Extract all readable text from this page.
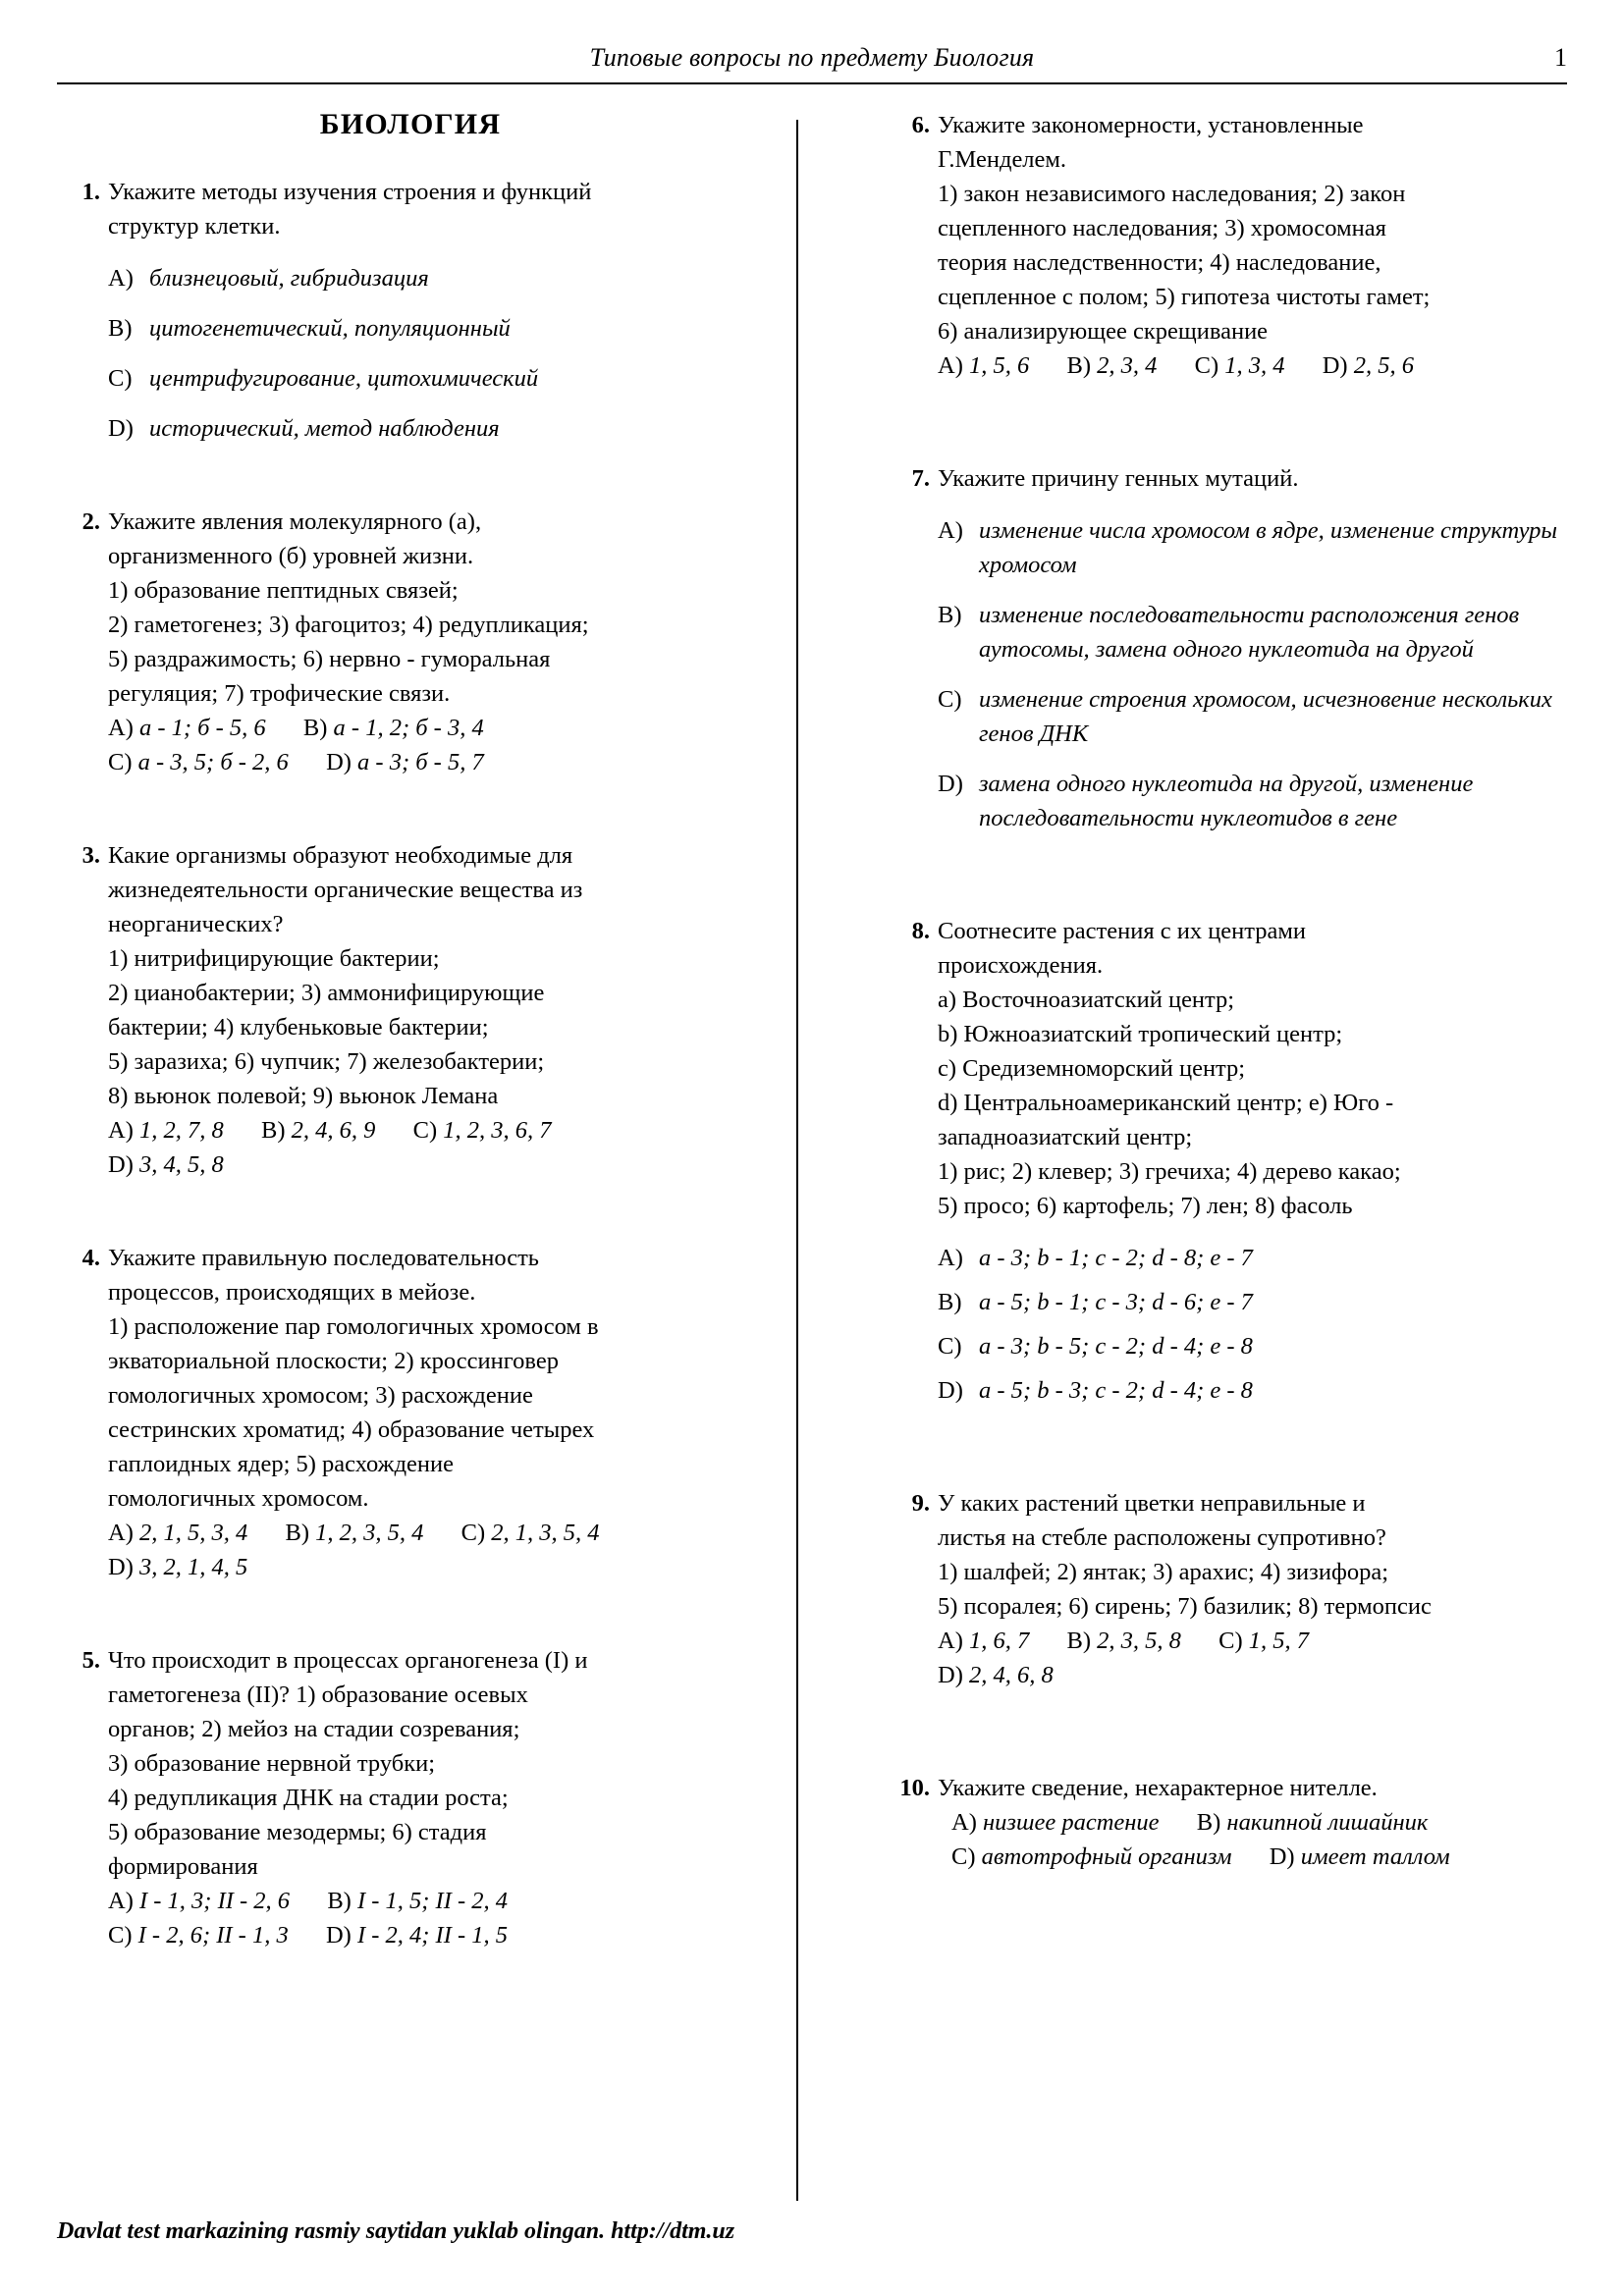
Типовые вопросы по предмету Биология	1
БИОЛОГИЯ
1. Укажите методы изучения строения и функций
структур клетки.
A) близнецовый, гибридизация
B) цитогенетический, популяционный
C) центрифугирование, цитохимический
D) исторический, метод наблюдения
2. Укажите явления молекулярного (а),
организменного (б) уровней жизни.
1) образование пептидных связей;
2) гаметогенез; 3) фагоцитоз; 4) редупликация;
5) раздражимость; 6) нервно - гуморальная
регуляция; 7) трофические связи.
A) а - 1; б - 5, 6 B) а - 1, 2; б - 3, 4
C) а - 3, 5; б - 2, 6 D) а - 3; б - 5, 7
3. Какие организмы образуют необходимые для
жизнедеятельности органические вещества из
неорганических?
1) нитрифицирующие бактерии;
2) цианобактерии; 3) аммонифицирующие
бактерии; 4) клубеньковые бактерии;
5) заразиха; 6) чупчик; 7) железобактерии;
8) вьюнок полевой; 9) вьюнок Лемана
A) 1, 2, 7, 8 B) 2, 4, 6, 9 C) 1, 2, 3, 6, 7
D) 3, 4, 5, 8
4. Укажите правильную последовательность
процессов, происходящих в мейозе.
1) расположение пар гомологичных хромосом в
экваториальной плоскости; 2) кроссинговер
гомологичных хромосом; 3) расхождение
сестринских хроматид; 4) образование четырех
гаплоидных ядер; 5) расхождение
гомологичных хромосом.
A) 2, 1, 5, 3, 4 B) 1, 2, 3, 5, 4 C) 2, 1, 3, 5, 4
D) 3, 2, 1, 4, 5
5. Что происходит в процессах органогенеза (I) и
гаметогенеза (II)? 1) образование осевых
органов; 2) мейоз на стадии созревания;
3) образование нервной трубки;
4) редупликация ДНК на стадии роста;
5) образование мезодермы; 6) стадия
формирования
A) I - 1, 3; II - 2, 6 B) I - 1, 5; II - 2, 4
C) I - 2, 6; II - 1, 3 D) I - 2, 4; II - 1, 5
6. Укажите закономерности, установленные
Г.Менделем.
1) закон независимого наследования; 2) закон
сцепленного наследования; 3) хромосомная
теория наследственности; 4) наследование,
сцепленное с полом; 5) гипотеза чистоты гамет;
6) анализирующее скрещивание
A) 1, 5, 6 B) 2, 3, 4 C) 1, 3, 4 D) 2, 5, 6
7. Укажите причину генных мутаций.
A) изменение числа хромосом в ядре, изменение структуры хромосом
B) изменение последовательности расположения генов аутосомы, замена одного нуклеотида на другой
C) изменение строения хромосом, исчезновение нескольких генов ДНК
D) замена одного нуклеотида на другой, изменение последовательности нуклеотидов в гене
8. Соотнесите растения с их центрами
происхождения.
a) Восточноазиатский центр;
b) Южноазиатский тропический центр;
c) Средиземноморский центр;
d) Центральноамериканский центр; e) Юго -
западноазиатский центр;
1) рис; 2) клевер; 3) гречиха; 4) дерево какао;
5) просо; 6) картофель; 7) лен; 8) фасоль
A) a - 3; b - 1; c - 2; d - 8; e - 7
B) a - 5; b - 1; c - 3; d - 6; e - 7
C) a - 3; b - 5; c - 2; d - 4; e - 8
D) a - 5; b - 3; c - 2; d - 4; e - 8
9. У каких растений цветки неправильные и
листья на стебле расположены супротивно?
1) шалфей; 2) янтак; 3) арахис; 4) зизифора;
5) псоралея; 6) сирень; 7) базилик; 8) термопсис
A) 1, 6, 7 B) 2, 3, 5, 8 C) 1, 5, 7
D) 2, 4, 6, 8
10. Укажите сведение, нехарактерное нителле.
A) низшее растение B) накипной лишайник
C) автотрофный организм D) имеет таллом
Davlat test markazining rasmiy saytidan yuklab olingan. http://dtm.uz
